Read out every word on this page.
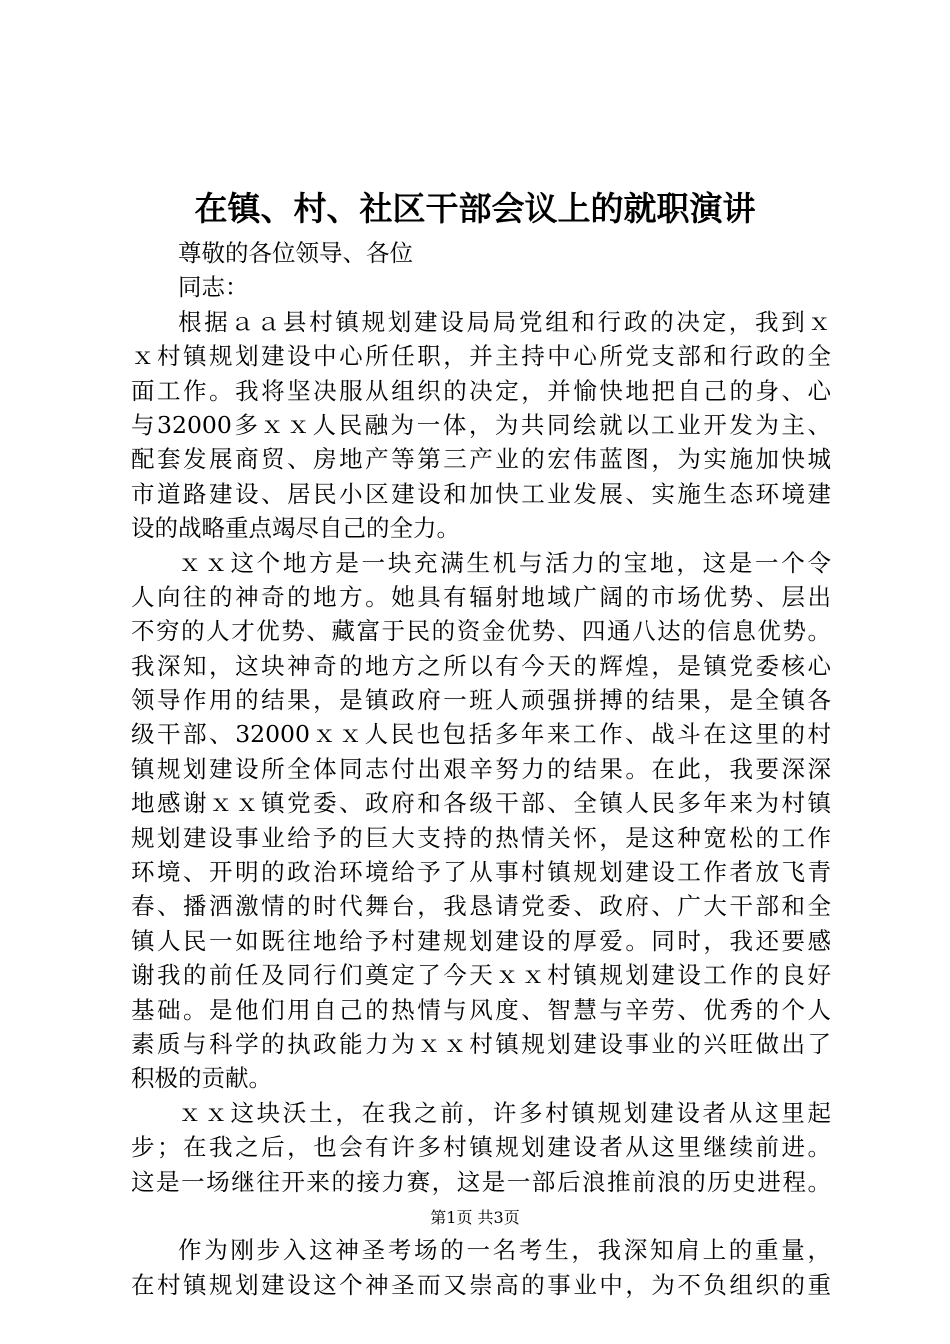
在镇、村、社区干部会议上的就职演讲
尊敬的各位领导、各位
同志：
根据ａａ县村镇规划建设局局党组和行政的决定，我到ｘ
ｘ村镇规划建设中心所任职，并主持中心所党支部和行政的全
面工作。我将坚决服从组织的决定，并愉快地把自己的身、心
与32000多ｘｘ人民融为一体，为共同绘就以工业开发为主、
配套发展商贸、房地产等第三产业的宏伟蓝图，为实施加快城
市道路建设、居民小区建设和加快工业发展、实施生态环境建
设的战略重点竭尽自己的全力。
ｘｘ这个地方是一块充满生机与活力的宝地，这是一个令
人向往的神奇的地方。她具有辐射地域广阔的市场优势、层出
不穷的人才优势、藏富于民的资金优势、四通八达的信息优势。
我深知，这块神奇的地方之所以有今天的辉煌，是镇党委核心
领导作用的结果，是镇政府一班人顽强拼搏的结果，是全镇各
级干部、32000ｘｘ人民也包括多年来工作、战斗在这里的村
镇规划建设所全体同志付出艰辛努力的结果。在此，我要深深
地感谢ｘｘ镇党委、政府和各级干部、全镇人民多年来为村镇
规划建设事业给予的巨大支持的热情关怀，是这种宽松的工作
环境、开明的政治环境给予了从事村镇规划建设工作者放飞青
春、播洒激情的时代舞台，我恳请党委、政府、广大干部和全
镇人民一如既往地给予村建规划建设的厚爱。同时，我还要感
谢我的前任及同行们奠定了今天ｘｘ村镇规划建设工作的良好
基础。是他们用自己的热情与风度、智慧与辛劳、优秀的个人
素质与科学的执政能力为ｘｘ村镇规划建设事业的兴旺做出了
积极的贡献。
ｘｘ这块沃土，在我之前，许多村镇规划建设者从这里起
步；在我之后，也会有许多村镇规划建设者从这里继续前进。
这是一场继往开来的接力赛，这是一部后浪推前浪的历史进程。
作为刚步入这神圣考场的一名考生，我深知肩上的重量，
在村镇规划建设这个神圣而又崇高的事业中，为不负组织的重
第1页 共3页
